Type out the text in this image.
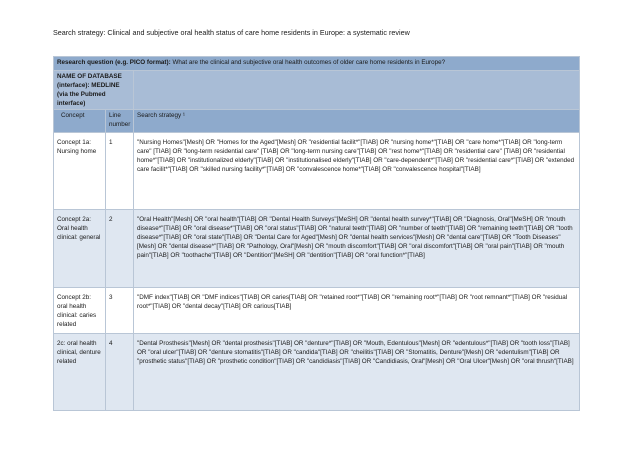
Search strategy: Clinical and subjective oral health status of care home residents in Europe: a systematic review
Research question (e.g. PICO format): What are the clinical and subjective oral health outcomes of older care home residents in Europe?		
NAME OF DATABASE (interface): MEDLINE (via the Pubmed interface)		

Concept	Line number	Search strategy ¹
Concept 1a: Nursing home	1	"Nursing Homes"[Mesh] OR "Homes for the Aged"[Mesh] OR "residential facilit*"[TIAB] OR "nursing home*"[TIAB] OR "care home*"[TIAB] OR "long-term care" [TIAB] OR "long-term residential care" [TIAB] OR "long-term nursing care"[TIAB] OR "rest home*"[TIAB] OR "residential care" [TIAB] OR "residential home*"[TIAB] OR "institutionalized elderly"[TIAB] OR "institutionalised elderly"[TIAB] OR "care-dependent*"[TIAB] OR "residential care*"[TIAB] OR "extended care facilit*"[TIAB] OR "skilled nursing facility*"[TIAB] OR "convalescence home*"[TIAB] OR "convalescence hospital"[TIAB]
Concept 2a: Oral health clinical: general	2	"Oral Health"[Mesh] OR "oral health"[TIAB] OR "Dental Health Surveys"[MeSH] OR "dental health survey*"[TIAB] OR "Diagnosis, Oral"[MeSH] OR "mouth disease*"[TIAB] OR "oral disease*"[TIAB] OR "oral status"[TIAB] OR "natural teeth"[TIAB] OR "number of teeth"[TIAB] OR "remaining teeth"[TIAB] OR "tooth disease*"[TIAB] OR "oral state"[TIAB] OR "Dental Care for Aged"[Mesh] OR "dental health services"[Mesh] OR "dental care"[TIAB] OR "Tooth Diseases"[Mesh] OR "dental disease*"[TIAB] OR "Pathology, Oral"[Mesh] OR "mouth discomfort"[TIAB] OR "oral discomfort"[TIAB] OR "oral pain"[TIAB] OR "mouth pain"[TIAB] OR "toothache"[TIAB] OR "Dentition"[MeSH] OR "dentition"[TIAB] OR "oral function*"[TIAB]
Concept 2b: oral health clinical: caries related	3	"DMF index"[TIAB] OR "DMF indices"[TIAB] OR caries[TIAB] OR "retained root*"[TIAB] OR "remaining root*"[TIAB] OR "root remnant*"[TIAB] OR "residual root*"[TIAB] OR "dental decay"[TIAB] OR carious[TIAB]
2c: oral health clinical, denture related	4	"Dental Prosthesis"[Mesh] OR "dental prosthesis"[TIAB] OR "denture*"[TIAB] OR "Mouth, Edentulous"[Mesh] OR "edentulous*"[TIAB] OR "tooth loss"[TIAB] OR "oral ulcer"[TIAB] OR "denture stomatitis"[TIAB] OR "candida"[TIAB] OR "cheilitis"[TIAB] OR "Stomatitis, Denture"[Mesh] OR "edentulism"[TIAB] OR "prosthetic status"[TIAB] OR "prosthetic condition"[TIAB] OR "candidiasis"[TIAB] OR "Candidiasis, Oral"[Mesh] OR "Oral Ulcer"[Mesh] OR "oral thrush"[TIAB]
